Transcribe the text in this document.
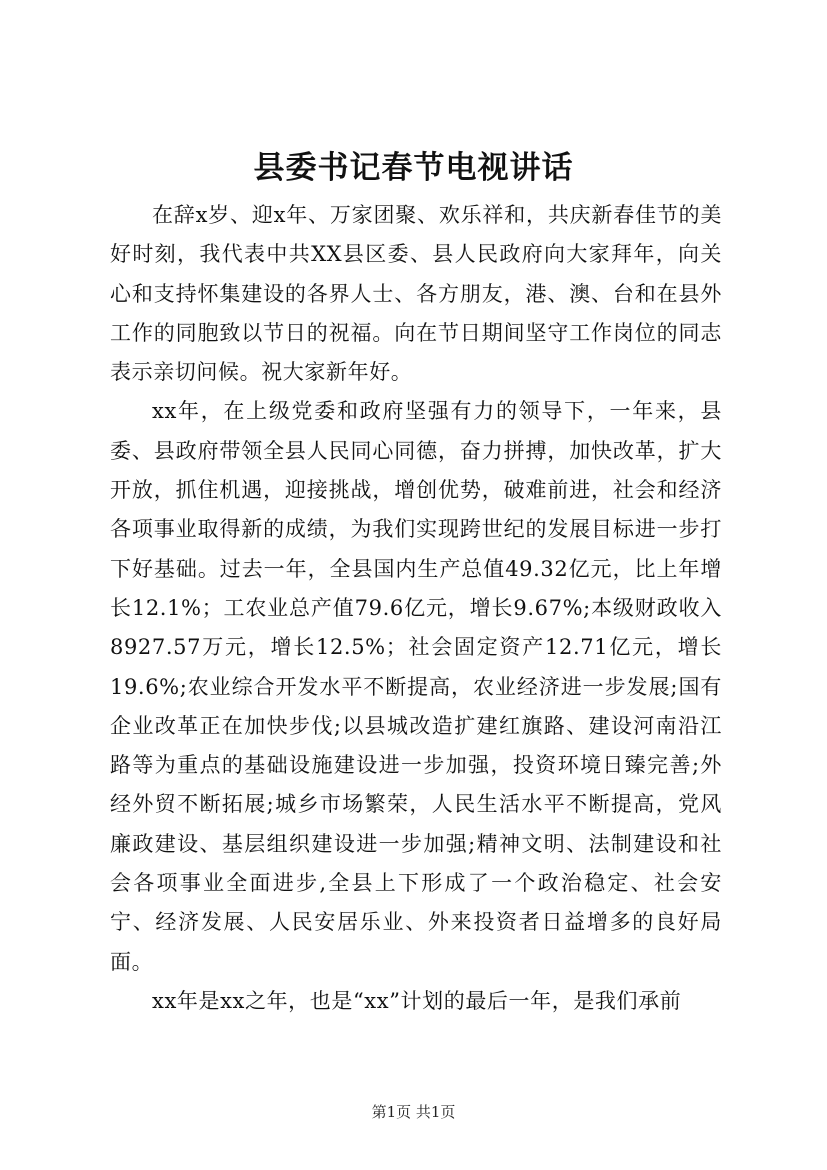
县委书记春节电视讲话

在辞x岁、迎x年、万家团聚、欢乐祥和，共庆新春佳节的美好时刻，我代表中共XX县区委、县人民政府向大家拜年，向关心和支持怀集建设的各界人士、各方朋友，港、澳、台和在县外工作的同胞致以节日的祝福。向在节日期间坚守工作岗位的同志表示亲切问候。祝大家新年好。

xx年，在上级党委和政府坚强有力的领导下，一年来，县委、县政府带领全县人民同心同德，奋力拼搏，加快改革，扩大开放，抓住机遇，迎接挑战，增创优势，破难前进，社会和经济各项事业取得新的成绩，为我们实现跨世纪的发展目标进一步打下好基础。过去一年，全县国内生产总值49.32亿元，比上年增长12.1%；工农业总产值79.6亿元，增长9.67%;本级财政收入8927.57万元，增长12.5%；社会固定资产12.71亿元，增长19.6%;农业综合开发水平不断提高，农业经济进一步发展;国有企业改革正在加快步伐;以县城改造扩建红旗路、建设河南沿江路等为重点的基础设施建设进一步加强，投资环境日臻完善;外经外贸不断拓展;城乡市场繁荣，人民生活水平不断提高，党风廉政建设、基层组织建设进一步加强;精神文明、法制建设和社会各项事业全面进步,全县上下形成了一个政治稳定、社会安宁、经济发展、人民安居乐业、外来投资者日益增多的良好局面。

xx年是xx之年，也是“xx”计划的最后一年，是我们承前

第1页 共1页
